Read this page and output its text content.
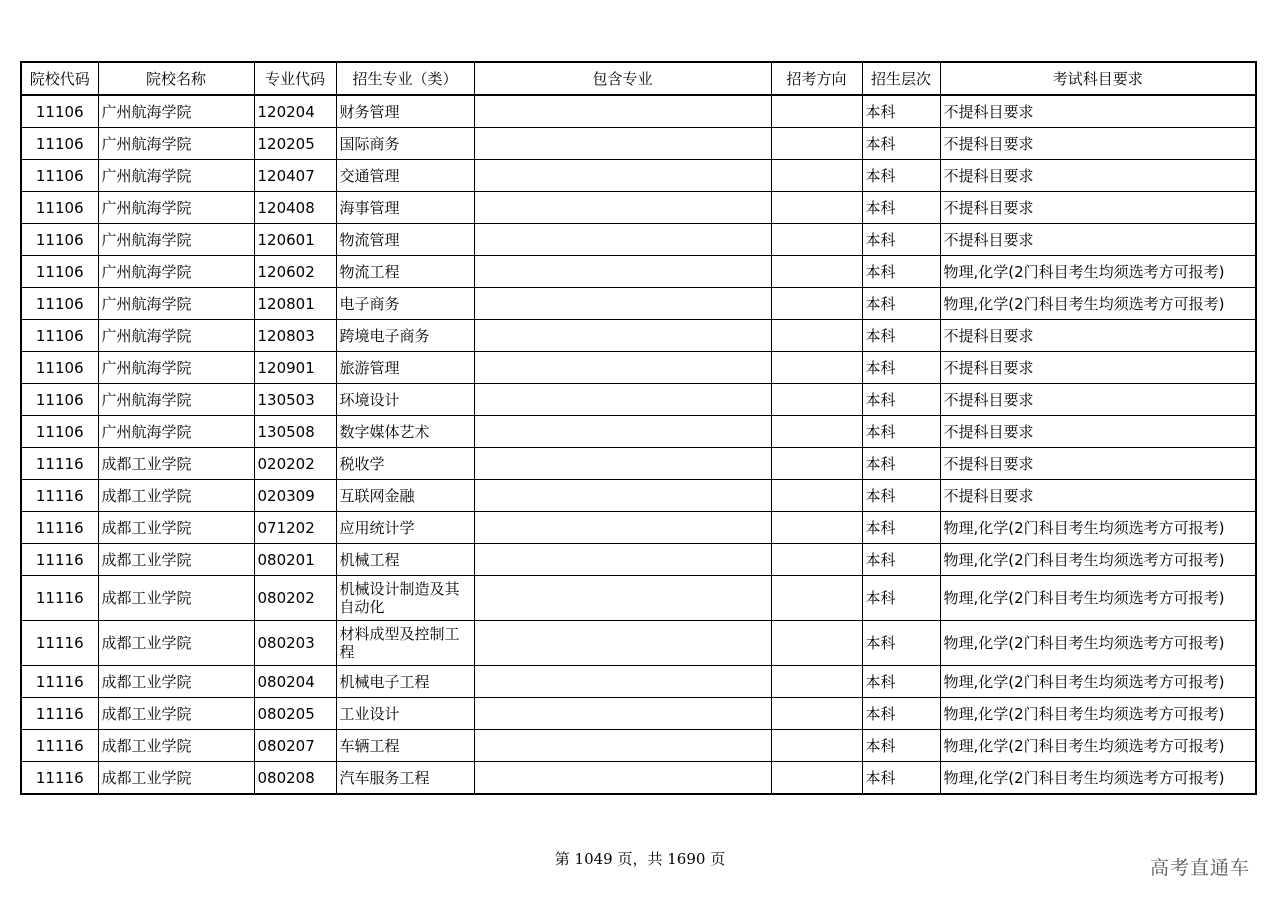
院校代码	院校名称	专业代码	招生专业（类）	包含专业	招考方向	招生层次	考试科目要求
11106	广州航海学院	120204	财务管理			本科	不提科目要求
11106	广州航海学院	120205	国际商务			本科	不提科目要求
11106	广州航海学院	120407	交通管理			本科	不提科目要求
11106	广州航海学院	120408	海事管理			本科	不提科目要求
11106	广州航海学院	120601	物流管理			本科	不提科目要求
11106	广州航海学院	120602	物流工程			本科	物理,化学(2门科目考生均须选考方可报考)
11106	广州航海学院	120801	电子商务			本科	物理,化学(2门科目考生均须选考方可报考)
11106	广州航海学院	120803	跨境电子商务			本科	不提科目要求
11106	广州航海学院	120901	旅游管理			本科	不提科目要求
11106	广州航海学院	130503	环境设计			本科	不提科目要求
11106	广州航海学院	130508	数字媒体艺术			本科	不提科目要求
11116	成都工业学院	020202	税收学			本科	不提科目要求
11116	成都工业学院	020309	互联网金融			本科	不提科目要求
11116	成都工业学院	071202	应用统计学			本科	物理,化学(2门科目考生均须选考方可报考)
11116	成都工业学院	080201	机械工程			本科	物理,化学(2门科目考生均须选考方可报考)
11116	成都工业学院	080202	机械设计制造及其自动化			本科	物理,化学(2门科目考生均须选考方可报考)
11116	成都工业学院	080203	材料成型及控制工程			本科	物理,化学(2门科目考生均须选考方可报考)
11116	成都工业学院	080204	机械电子工程			本科	物理,化学(2门科目考生均须选考方可报考)
11116	成都工业学院	080205	工业设计			本科	物理,化学(2门科目考生均须选考方可报考)
11116	成都工业学院	080207	车辆工程			本科	物理,化学(2门科目考生均须选考方可报考)
11116	成都工业学院	080208	汽车服务工程			本科	物理,化学(2门科目考生均须选考方可报考)
第 1049 页，共 1690 页	高考直通车
